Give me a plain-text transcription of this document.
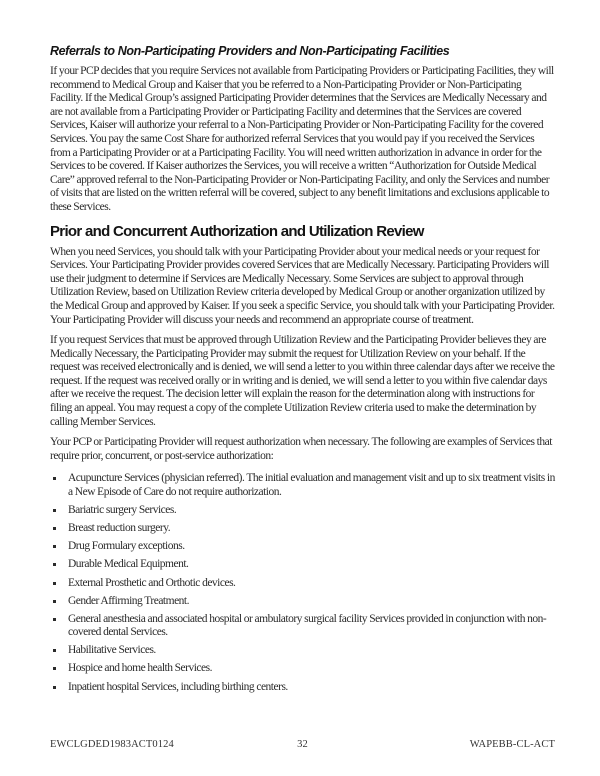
Referrals to Non-Participating Providers and Non-Participating Facilities

If your PCP decides that you require Services not available from Participating Providers or Participating Facilities, they will recommend to Medical Group and Kaiser that you be referred to a Non-Participating Provider or Non-Participating Facility. If the Medical Group’s assigned Participating Provider determines that the Services are Medically Necessary and are not available from a Participating Provider or Participating Facility and determines that the Services are covered Services, Kaiser will authorize your referral to a Non-Participating Provider or Non-Participating Facility for the covered Services. You pay the same Cost Share for authorized referral Services that you would pay if you received the Services from a Participating Provider or at a Participating Facility. You will need written authorization in advance in order for the Services to be covered. If Kaiser authorizes the Services, you will receive a written “Authorization for Outside Medical Care” approved referral to the Non-Participating Provider or Non-Participating Facility, and only the Services and number of visits that are listed on the written referral will be covered, subject to any benefit limitations and exclusions applicable to these Services.

Prior and Concurrent Authorization and Utilization Review

When you need Services, you should talk with your Participating Provider about your medical needs or your request for Services. Your Participating Provider provides covered Services that are Medically Necessary. Participating Providers will use their judgment to determine if Services are Medically Necessary. Some Services are subject to approval through Utilization Review, based on Utilization Review criteria developed by Medical Group or another organization utilized by the Medical Group and approved by Kaiser. If you seek a specific Service, you should talk with your Participating Provider. Your Participating Provider will discuss your needs and recommend an appropriate course of treatment.

If you request Services that must be approved through Utilization Review and the Participating Provider believes they are Medically Necessary, the Participating Provider may submit the request for Utilization Review on your behalf. If the request was received electronically and is denied, we will send a letter to you within three calendar days after we receive the request. If the request was received orally or in writing and is denied, we will send a letter to you within five calendar days after we receive the request. The decision letter will explain the reason for the determination along with instructions for filing an appeal. You may request a copy of the complete Utilization Review criteria used to make the determination by calling Member Services.

Your PCP or Participating Provider will request authorization when necessary. The following are examples of Services that require prior, concurrent, or post-service authorization:

Acupuncture Services (physician referred). The initial evaluation and management visit and up to six treatment visits in a New Episode of Care do not require authorization.
Bariatric surgery Services.
Breast reduction surgery.
Drug Formulary exceptions.
Durable Medical Equipment.
External Prosthetic and Orthotic devices.
Gender Affirming Treatment.
General anesthesia and associated hospital or ambulatory surgical facility Services provided in conjunction with non-covered dental Services.
Habilitative Services.
Hospice and home health Services.
Inpatient hospital Services, including birthing centers.
EWCLGDED1983ACT0124	32	WAPEBB-CL-ACT
